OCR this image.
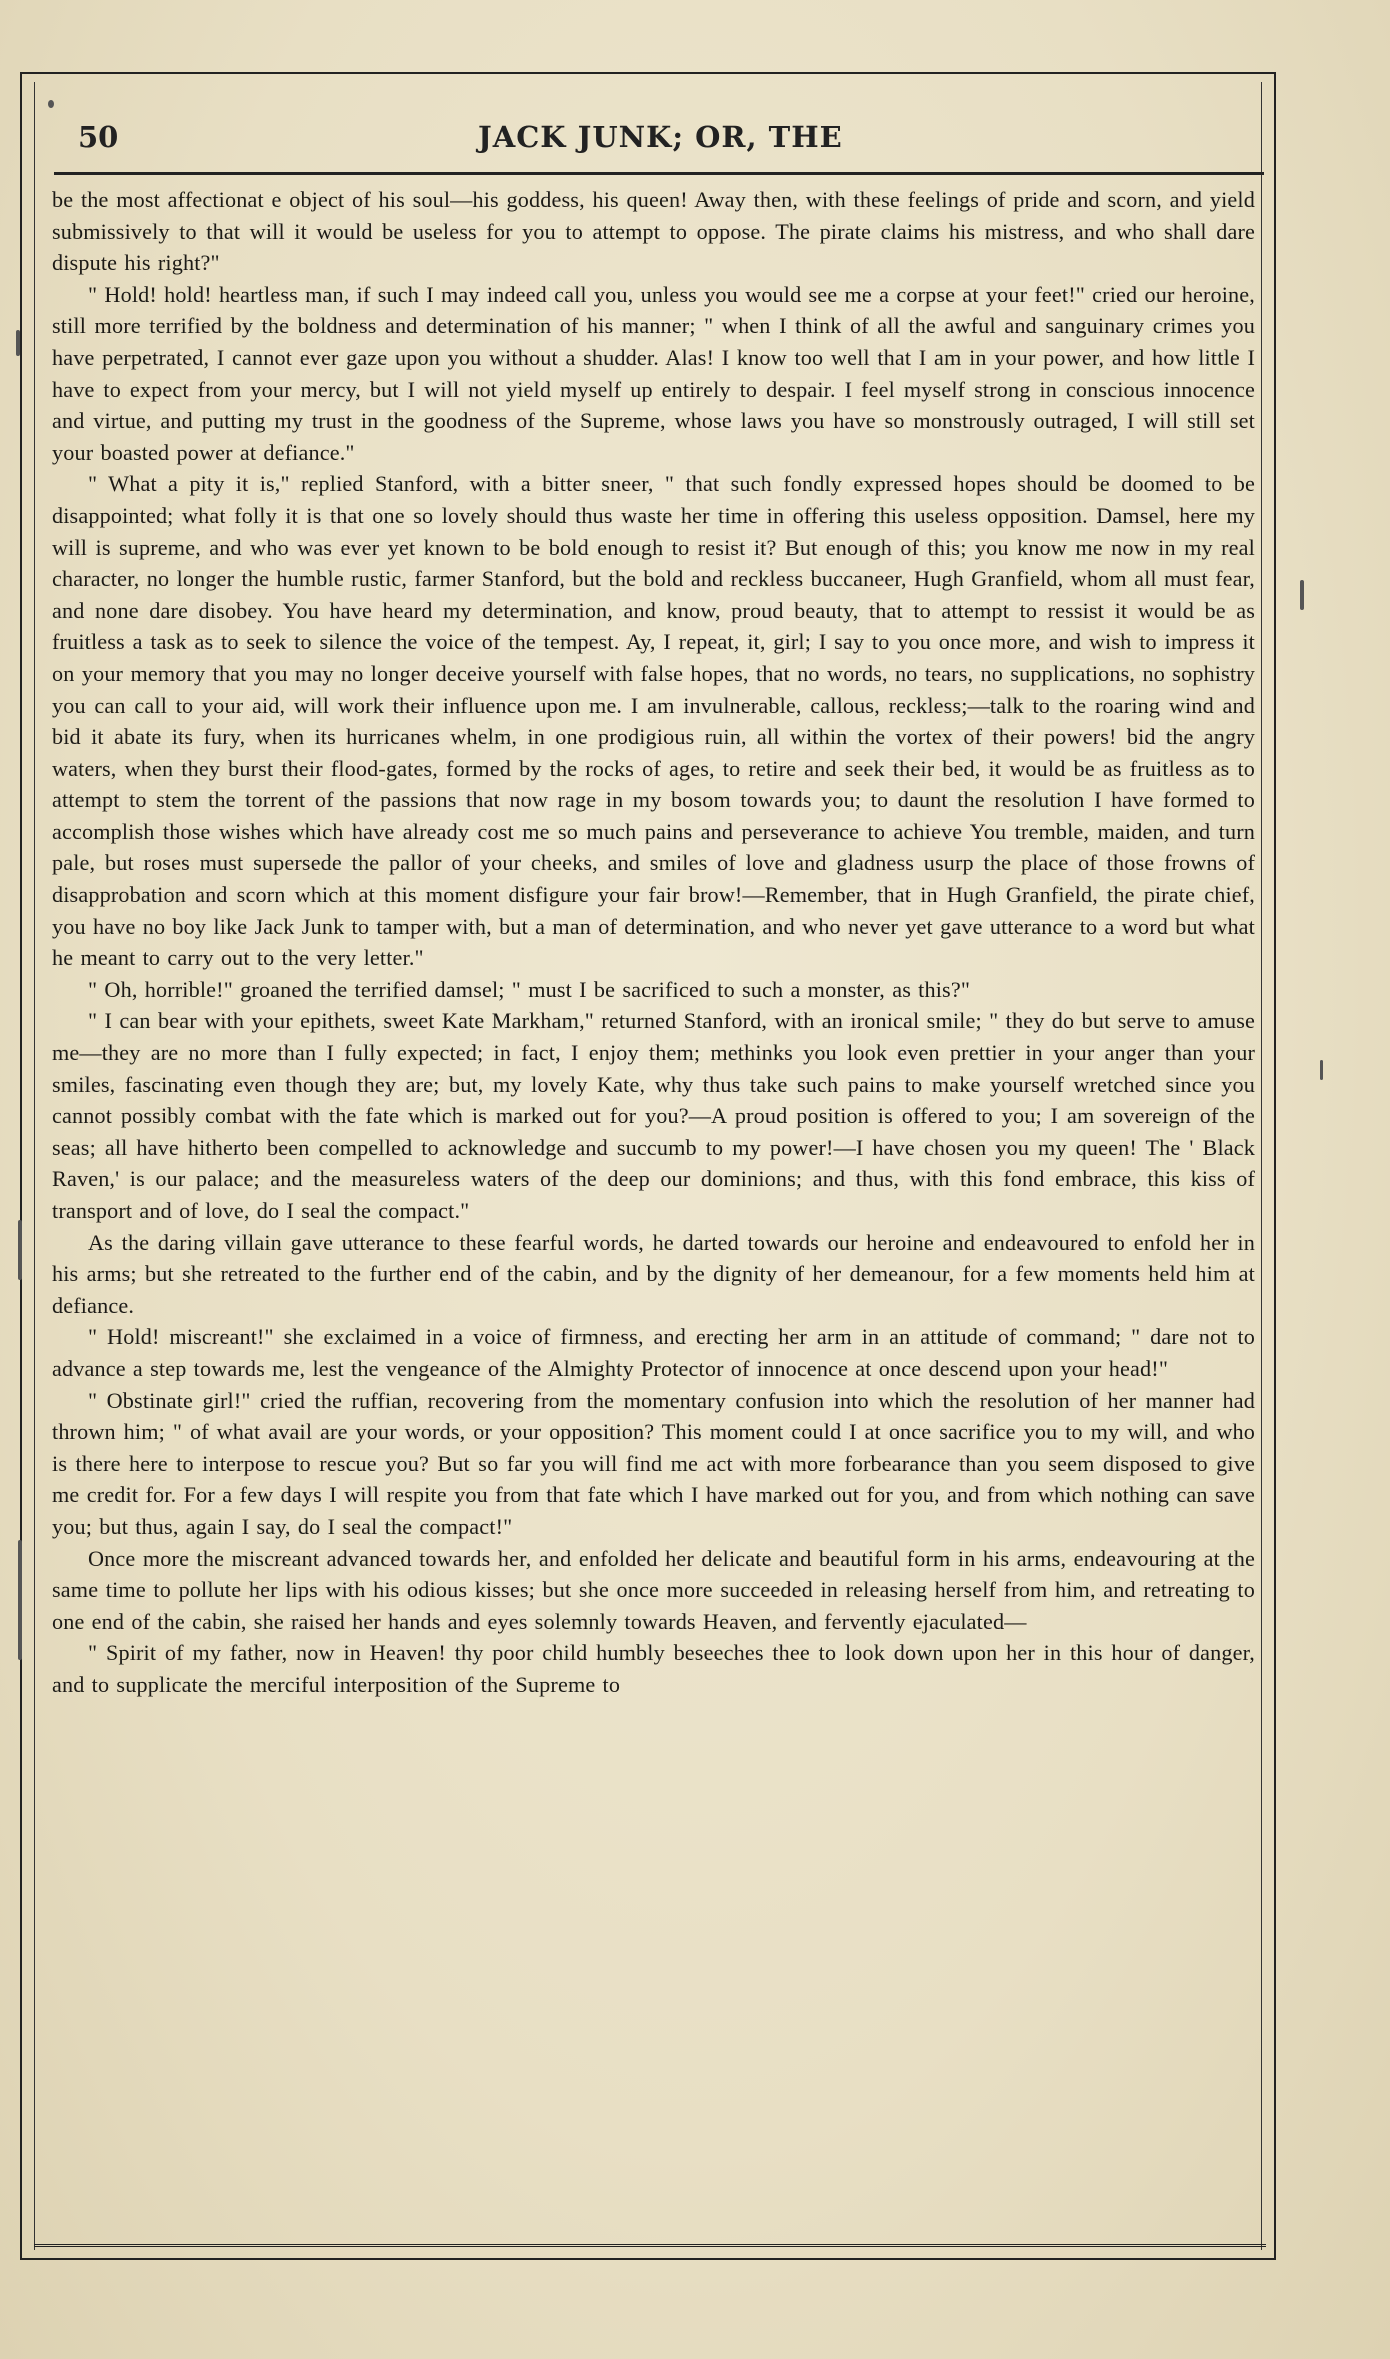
50	JACK JUNK; OR, THE

be the most affectionat e object of his soul—his goddess, his queen! Away then, with these feelings of pride and scorn, and yield submissively to that will it would be useless for you to attempt to oppose. The pirate claims his mistress, and who shall dare dispute his right?"

" Hold! hold! heartless man, if such I may indeed call you, unless you would see me a corpse at your feet!" cried our heroine, still more terrified by the boldness and determination of his manner; " when I think of all the awful and sanguinary crimes you have perpetrated, I cannot ever gaze upon you without a shudder. Alas! I know too well that I am in your power, and how little I have to expect from your mercy, but I will not yield myself up entirely to despair. I feel myself strong in conscious innocence and virtue, and putting my trust in the goodness of the Supreme, whose laws you have so monstrously outraged, I will still set your boasted power at defiance."

" What a pity it is," replied Stanford, with a bitter sneer, " that such fondly expressed hopes should be doomed to be disappointed; what folly it is that one so lovely should thus waste her time in offering this useless opposition. Damsel, here my will is supreme, and who was ever yet known to be bold enough to resist it? But enough of this; you know me now in my real character, no longer the humble rustic, farmer Stanford, but the bold and reckless buccaneer, Hugh Granfield, whom all must fear, and none dare disobey. You have heard my determination, and know, proud beauty, that to attempt to ressist it would be as fruitless a task as to seek to silence the voice of the tempest. Ay, I repeat, it, girl; I say to you once more, and wish to impress it on your memory that you may no longer deceive yourself with false hopes, that no words, no tears, no supplications, no sophistry you can call to your aid, will work their influence upon me. I am invulnerable, callous, reckless;—talk to the roaring wind and bid it abate its fury, when its hurricanes whelm, in one prodigious ruin, all within the vortex of their powers! bid the angry waters, when they burst their flood-gates, formed by the rocks of ages, to retire and seek their bed, it would be as fruitless as to attempt to stem the torrent of the passions that now rage in my bosom towards you; to daunt the resolution I have formed to accomplish those wishes which have already cost me so much pains and perseverance to achieve You tremble, maiden, and turn pale, but roses must supersede the pallor of your cheeks, and smiles of love and gladness usurp the place of those frowns of disapprobation and scorn which at this moment disfigure your fair brow!—Remember, that in Hugh Granfield, the pirate chief, you have no boy like Jack Junk to tamper with, but a man of determination, and who never yet gave utterance to a word but what he meant to carry out to the very letter."

" Oh, horrible!" groaned the terrified damsel; " must I be sacrificed to such a monster, as this?"

" I can bear with your epithets, sweet Kate Markham," returned Stanford, with an ironical smile; " they do but serve to amuse me—they are no more than I fully expected; in fact, I enjoy them; methinks you look even prettier in your anger than your smiles, fascinating even though they are; but, my lovely Kate, why thus take such pains to make yourself wretched since you cannot possibly combat with the fate which is marked out for you?—A proud position is offered to you; I am sovereign of the seas; all have hitherto been compelled to acknowledge and succumb to my power!—I have chosen you my queen! The ' Black Raven,' is our palace; and the measureless waters of the deep our dominions; and thus, with this fond embrace, this kiss of transport and of love, do I seal the compact."

As the daring villain gave utterance to these fearful words, he darted towards our heroine and endeavoured to enfold her in his arms; but she retreated to the further end of the cabin, and by the dignity of her demeanour, for a few moments held him at defiance.

" Hold! miscreant!" she exclaimed in a voice of firmness, and erecting her arm in an attitude of command; " dare not to advance a step towards me, lest the vengeance of the Almighty Protector of innocence at once descend upon your head!"

" Obstinate girl!" cried the ruffian, recovering from the momentary confusion into which the resolution of her manner had thrown him; " of what avail are your words, or your opposition? This moment could I at once sacrifice you to my will, and who is there here to interpose to rescue you? But so far you will find me act with more forbearance than you seem disposed to give me credit for. For a few days I will respite you from that fate which I have marked out for you, and from which nothing can save you; but thus, again I say, do I seal the compact!"

Once more the miscreant advanced towards her, and enfolded her delicate and beautiful form in his arms, endeavouring at the same time to pollute her lips with his odious kisses; but she once more succeeded in releasing herself from him, and retreating to one end of the cabin, she raised her hands and eyes solemnly towards Heaven, and fervently ejaculated—

" Spirit of my father, now in Heaven! thy poor child humbly beseeches thee to look down upon her in this hour of danger, and to supplicate the merciful interposition of the Supreme to
